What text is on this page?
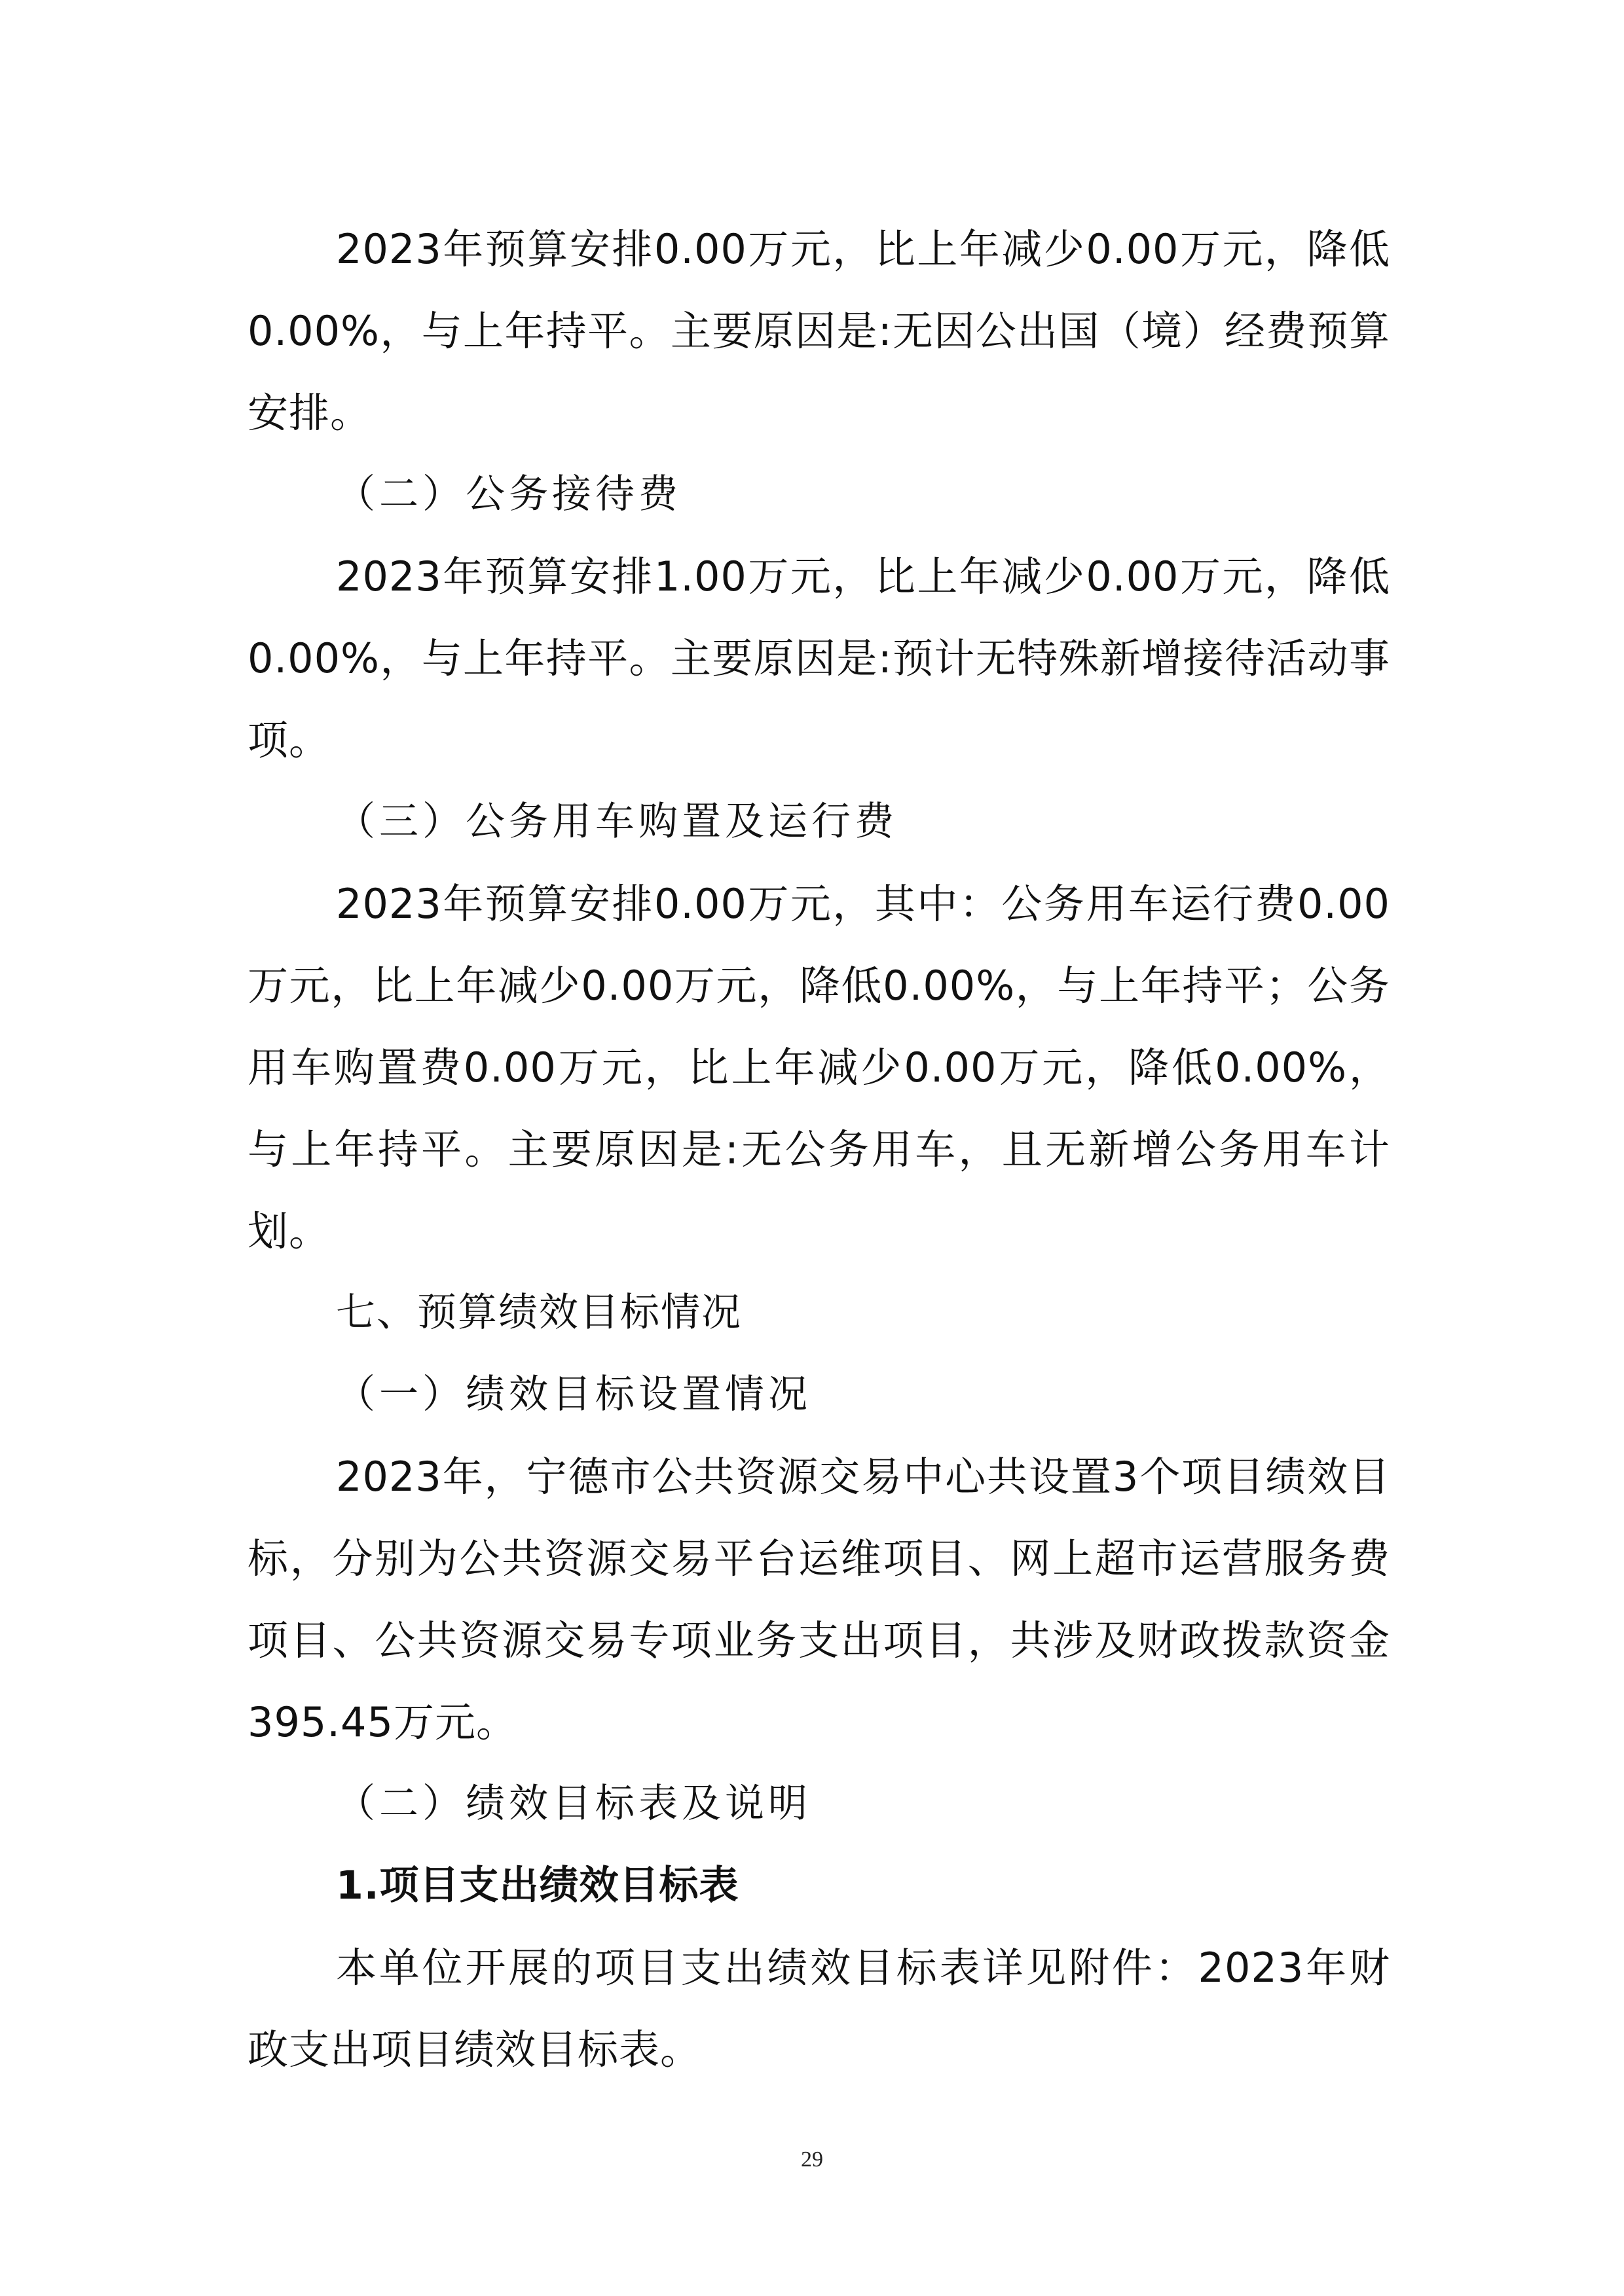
2023年预算安排0.00万元，比上年减少0.00万元，降低0.00%，与上年持平。主要原因是:无因公出国（境）经费预算安排。

（二）公务接待费

2023年预算安排1.00万元，比上年减少0.00万元，降低0.00%，与上年持平。主要原因是:预计无特殊新增接待活动事项。

（三）公务用车购置及运行费

2023年预算安排0.00万元，其中：公务用车运行费0.00万元，比上年减少0.00万元，降低0.00%，与上年持平；公务用车购置费0.00万元，比上年减少0.00万元，降低0.00%，与上年持平。主要原因是:无公务用车，且无新增公务用车计划。

七、预算绩效目标情况

（一）绩效目标设置情况

2023年，宁德市公共资源交易中心共设置3个项目绩效目标，分别为公共资源交易平台运维项目、网上超市运营服务费项目、公共资源交易专项业务支出项目，共涉及财政拨款资金395.45万元。

（二）绩效目标表及说明

1.项目支出绩效目标表

本单位开展的项目支出绩效目标表详见附件：2023年财政支出项目绩效目标表。

29
